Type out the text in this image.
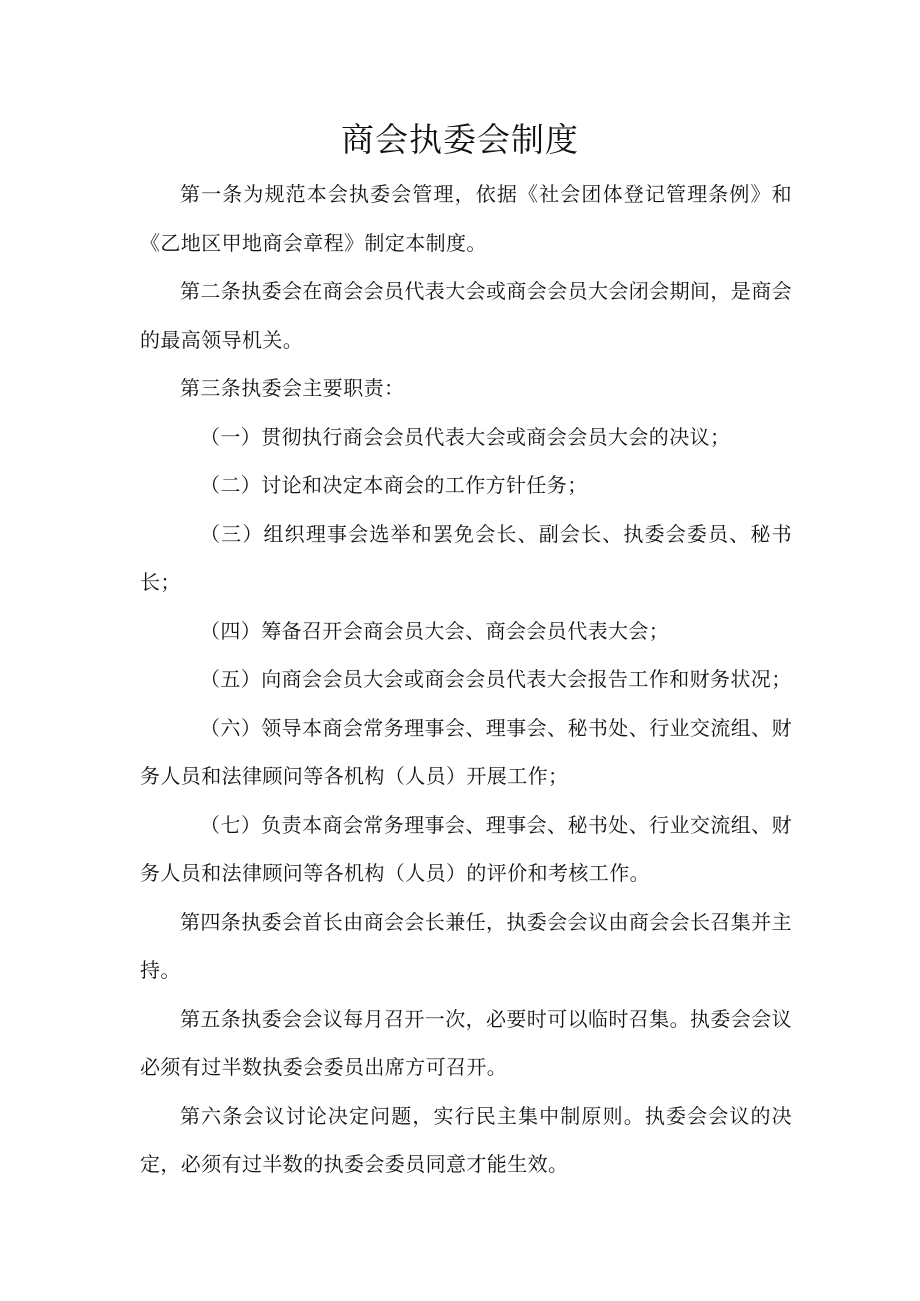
商会执委会制度

第一条为规范本会执委会管理，依据《社会团体登记管理条例》和《乙地区甲地商会章程》制定本制度。

第二条执委会在商会会员代表大会或商会会员大会闭会期间，是商会的最高领导机关。

第三条执委会主要职责：

（一）贯彻执行商会会员代表大会或商会会员大会的决议；

（二）讨论和决定本商会的工作方针任务；

（三）组织理事会选举和罢免会长、副会长、执委会委员、秘书长；

（四）筹备召开会商会员大会、商会会员代表大会；

（五）向商会会员大会或商会会员代表大会报告工作和财务状况；

（六）领导本商会常务理事会、理事会、秘书处、行业交流组、财务人员和法律顾问等各机构（人员）开展工作；

（七）负责本商会常务理事会、理事会、秘书处、行业交流组、财务人员和法律顾问等各机构（人员）的评价和考核工作。

第四条执委会首长由商会会长兼任，执委会会议由商会会长召集并主持。

第五条执委会会议每月召开一次，必要时可以临时召集。执委会会议必须有过半数执委会委员出席方可召开。

第六条会议讨论决定问题，实行民主集中制原则。执委会会议的决定，必须有过半数的执委会委员同意才能生效。
